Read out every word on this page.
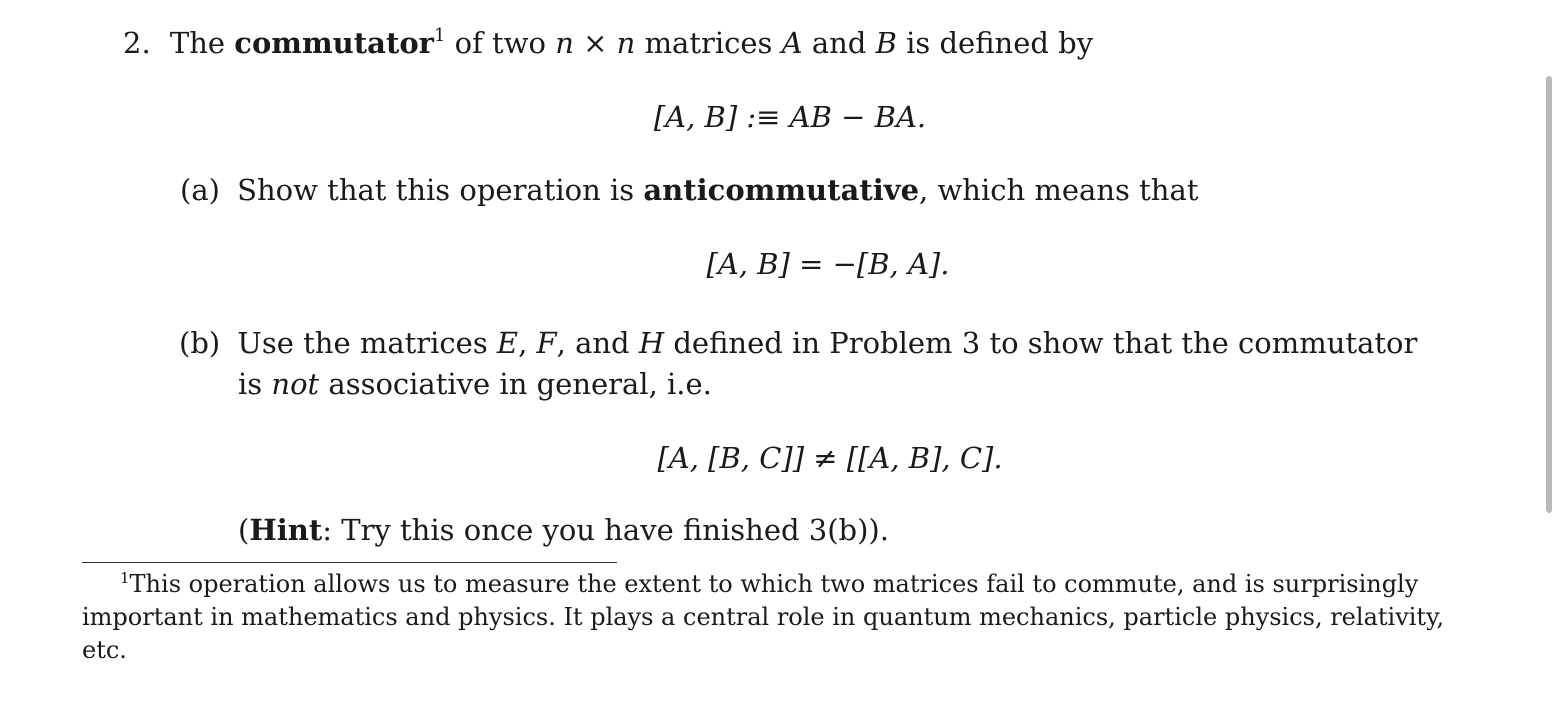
2. The commutator$^1$ of two n × n matrices A and B is defined by
[A, B] :≡ AB − BA.
(a) Show that this operation is anticommutative, which means that
[A, B] = −[B, A].
(b) Use the matrices E, F, and H defined in Problem 3 to show that the commutator
is not associative in general, i.e.
[A, [B, C]] ≠ [[A, B], C].
(Hint: Try this once you have finished 3(b)).
$^1$This operation allows us to measure the extent to which two matrices fail to commute, and is surprisingly
important in mathematics and physics. It plays a central role in quantum mechanics, particle physics, relativity,
etc.
